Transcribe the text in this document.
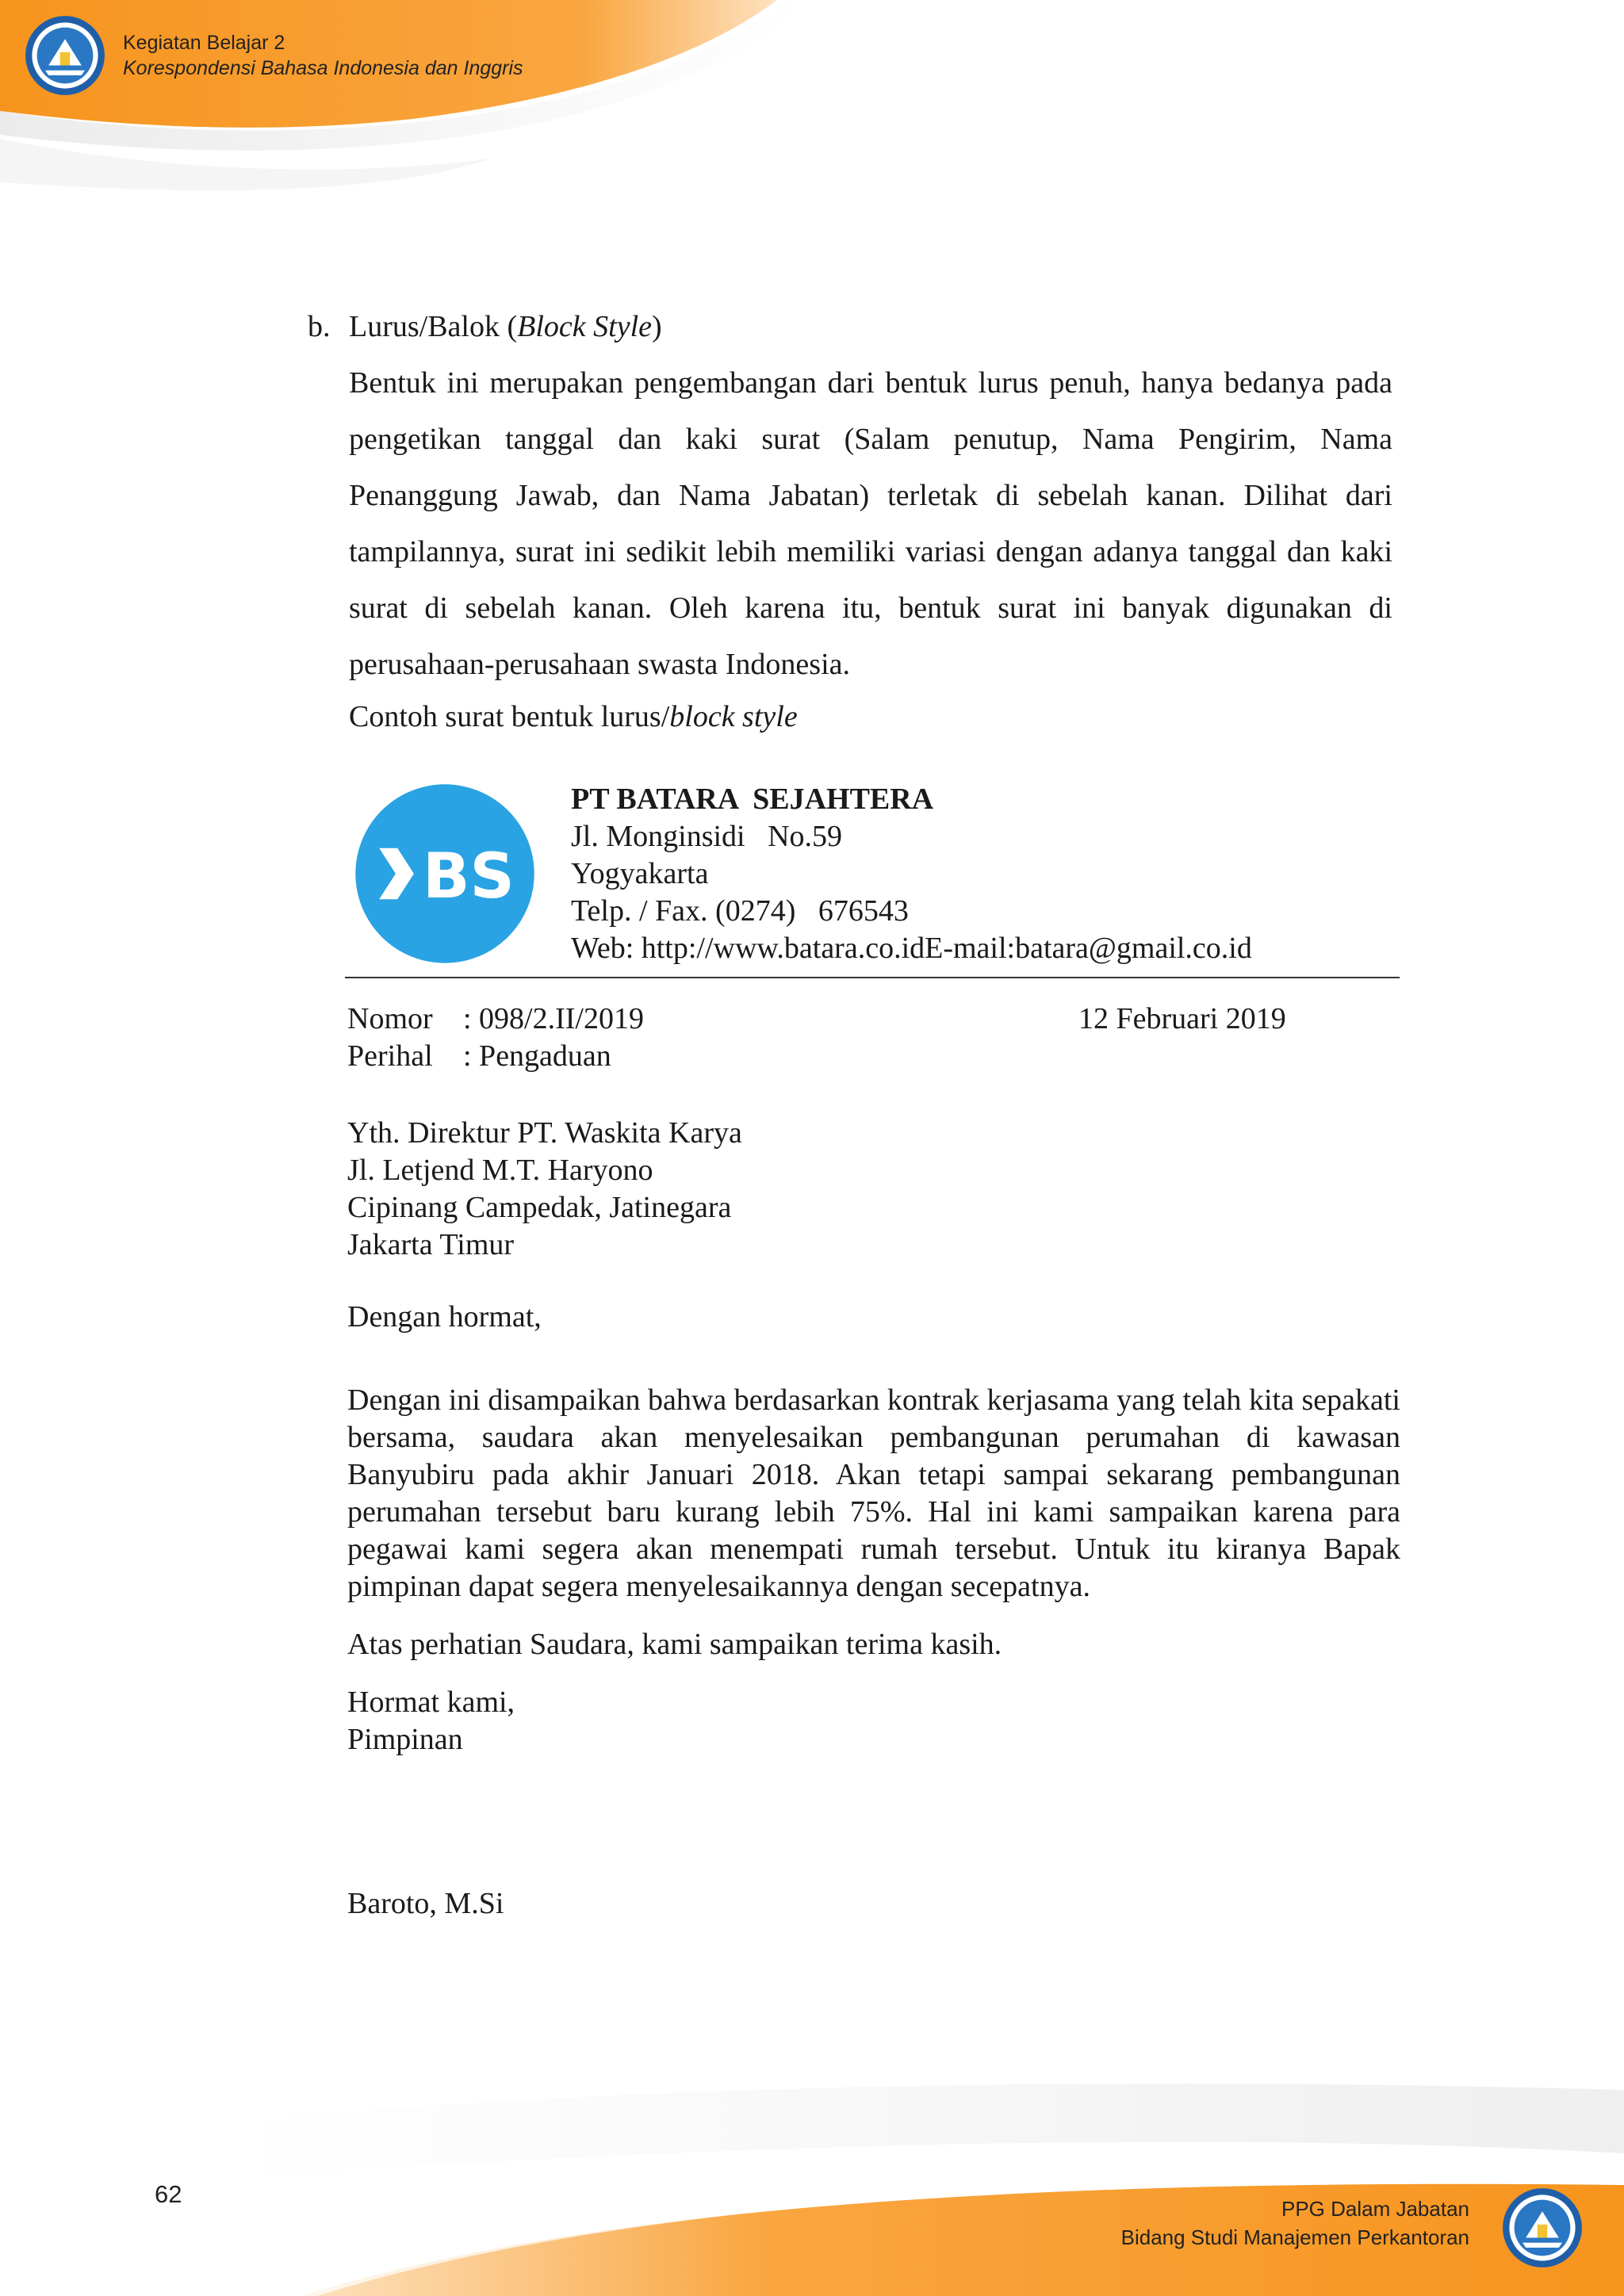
Kegiatan Belajar 2
Korespondensi Bahasa Indonesia dan Inggris
b. Lurus/Balok (Block Style)
Bentuk ini merupakan pengembangan dari bentuk lurus penuh, hanya bedanya pada pengetikan tanggal dan kaki surat (Salam penutup, Nama Pengirim, Nama Penanggung Jawab, dan Nama Jabatan) terletak di sebelah kanan. Dilihat dari tampilannya, surat ini sedikit lebih memiliki variasi dengan adanya tanggal dan kaki surat di sebelah kanan. Oleh karena itu, bentuk surat ini banyak digunakan di perusahaan-perusahaan swasta Indonesia.
Contoh surat bentuk lurus/block style
BS
PT BATARA  SEJAHTERA
Jl. Monginsidi   No.59
Yogyakarta
Telp. / Fax. (0274)   676543
Web: http://www.batara.co.idE-mail:batara@gmail.co.id
Nomor : 098/2.II/2019
Perihal : Pengaduan
12 Februari 2019
Yth. Direktur PT. Waskita Karya
Jl. Letjend M.T. Haryono
Cipinang Campedak, Jatinegara
Jakarta Timur
Dengan hormat,
Dengan ini disampaikan bahwa berdasarkan kontrak kerjasama yang telah kita sepakati bersama, saudara akan menyelesaikan pembangunan perumahan di kawasan Banyubiru pada akhir Januari 2018. Akan tetapi sampai sekarang pembangunan perumahan tersebut baru kurang lebih 75%. Hal ini kami sampaikan karena para pegawai kami segera akan menempati rumah tersebut. Untuk itu kiranya Bapak pimpinan dapat segera menyelesaikannya dengan secepatnya.
Atas perhatian Saudara, kami sampaikan terima kasih.
Hormat kami,
Pimpinan
Baroto, M.Si
62
PPG Dalam Jabatan
Bidang Studi Manajemen Perkantoran
